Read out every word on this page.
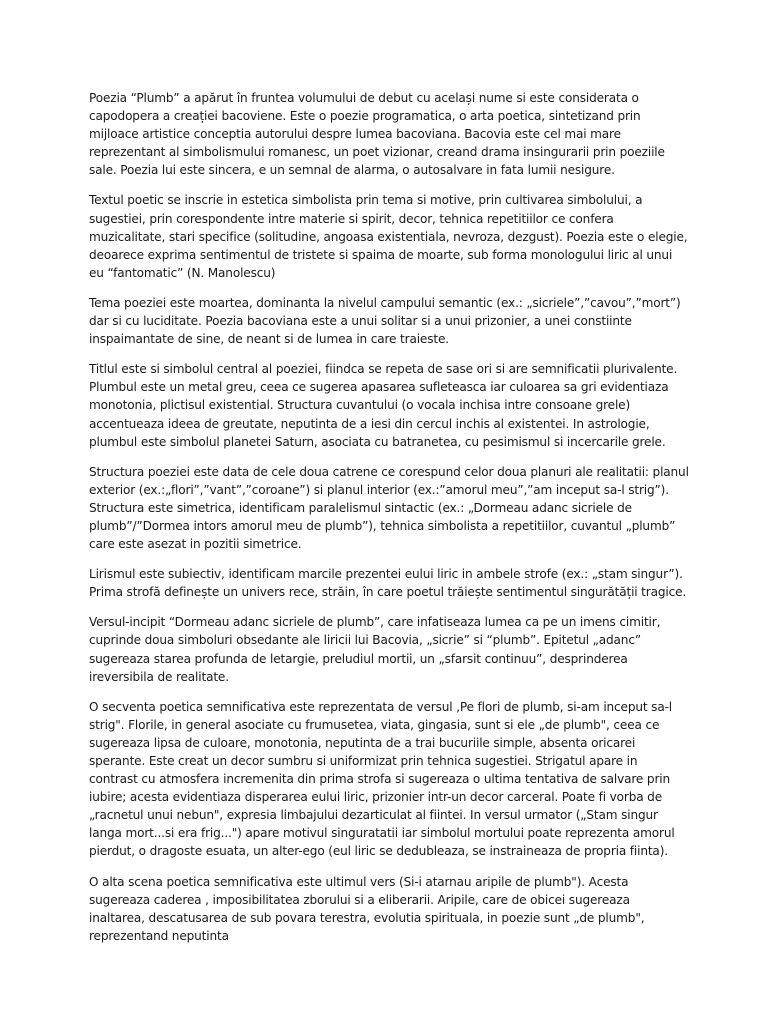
Poezia “Plumb” a apărut în fruntea volumului de debut cu același nume si este considerata o capodopera a creației bacoviene. Este o poezie programatica, o arta poetica, sintetizand prin mijloace artistice conceptia autorului despre lumea bacoviana. Bacovia este cel mai mare reprezentant al simbolismului romanesc, un poet vizionar, creand drama insingurarii prin poeziile sale. Poezia lui este sincera, e un semnal de alarma, o autosalvare in fata lumii nesigure.

Textul poetic se inscrie in estetica simbolista prin tema si motive, prin cultivarea simbolului, a sugestiei, prin corespondente intre materie si spirit, decor, tehnica repetitiilor ce confera muzicalitate, stari specifice (solitudine, angoasa existentiala, nevroza, dezgust). Poezia este o elegie, deoarece exprima sentimentul de tristete si spaima de moarte, sub forma monologului liric al unui eu “fantomatic” (N. Manolescu)

Tema poeziei este moartea, dominanta la nivelul campului semantic (ex.: „sicriele”,”cavou”,”mort”) dar si cu luciditate. Poezia bacoviana este a unui solitar si a unui prizonier, a unei constiinte inspaimantate de sine, de neant si de lumea in care traieste.

Titlul este si simbolul central al poeziei, fiindca se repeta de sase ori si are semnificatii plurivalente. Plumbul este un metal greu, ceea ce sugerea apasarea sufleteasca iar culoarea sa gri evidentiaza monotonia, plictisul existential. Structura cuvantului (o vocala inchisa intre consoane grele) accentueaza ideea de greutate, neputinta de a iesi din cercul inchis al existentei. In astrologie, plumbul este simbolul planetei Saturn, asociata cu batranetea, cu pesimismul si incercarile grele.

Structura poeziei este data de cele doua catrene ce corespund celor doua planuri ale realitatii: planul exterior (ex.:„flori”,”vant”,”coroane”) si planul interior (ex.:”amorul meu”,”am inceput sa-l strig”). Structura este simetrica, identificam paralelismul sintactic (ex.: „Dormeau adanc sicriele de plumb”/”Dormea intors amorul meu de plumb”), tehnica simbolista a repetitiilor, cuvantul „plumb” care este asezat in pozitii simetrice.

Lirismul este subiectiv, identificam marcile prezentei eului liric in ambele strofe (ex.: „stam singur”). Prima strofă definește un univers rece, străin, în care poetul trăiește sentimentul singurătății tragice.

Versul-incipit “Dormeau adanc sicriele de plumb”, care infatiseaza lumea ca pe un imens cimitir, cuprinde doua simboluri obsedante ale liricii lui Bacovia, „sicrie” si “plumb”. Epitetul „adanc” sugereaza starea profunda de letargie, preludiul mortii, un „sfarsit continuu”, desprinderea ireversibila de realitate.

O secventa poetica semnificativa este reprezentata de versul ‚Pe flori de plumb, si-am inceput sa-l strig". Florile, in general asociate cu frumusetea, viata, gingasia, sunt si ele „de plumb", ceea ce sugereaza lipsa de culoare, monotonia, neputinta de a trai bucuriile simple, absenta oricarei sperante. Este creat un decor sumbru si uniformizat prin tehnica sugestiei. Strigatul apare in contrast cu atmosfera incremenita din prima strofa si sugereaza o ultima tentativa de salvare prin iubire; acesta evidentiaza disperarea eului liric, prizonier intr-un decor carceral. Poate fi vorba de „racnetul unui nebun", expresia limbajului dezarticulat al fiintei. In versul urmator („Stam singur langa mort...si era frig...") apare motivul singuratatii iar simbolul mortului poate reprezenta amorul pierdut, o dragoste esuata, un alter-ego (eul liric se dedubleaza, se instraineaza de propria fiinta).

O alta scena poetica semnificativa este ultimul vers (Si-i atarnau aripile de plumb"). Acesta sugereaza caderea , imposibilitatea zborului si a eliberarii. Aripile, care de obicei sugereaza inaltarea, descatusarea de sub povara terestra, evolutia spirituala, in poezie sunt „de plumb", reprezentand neputinta
